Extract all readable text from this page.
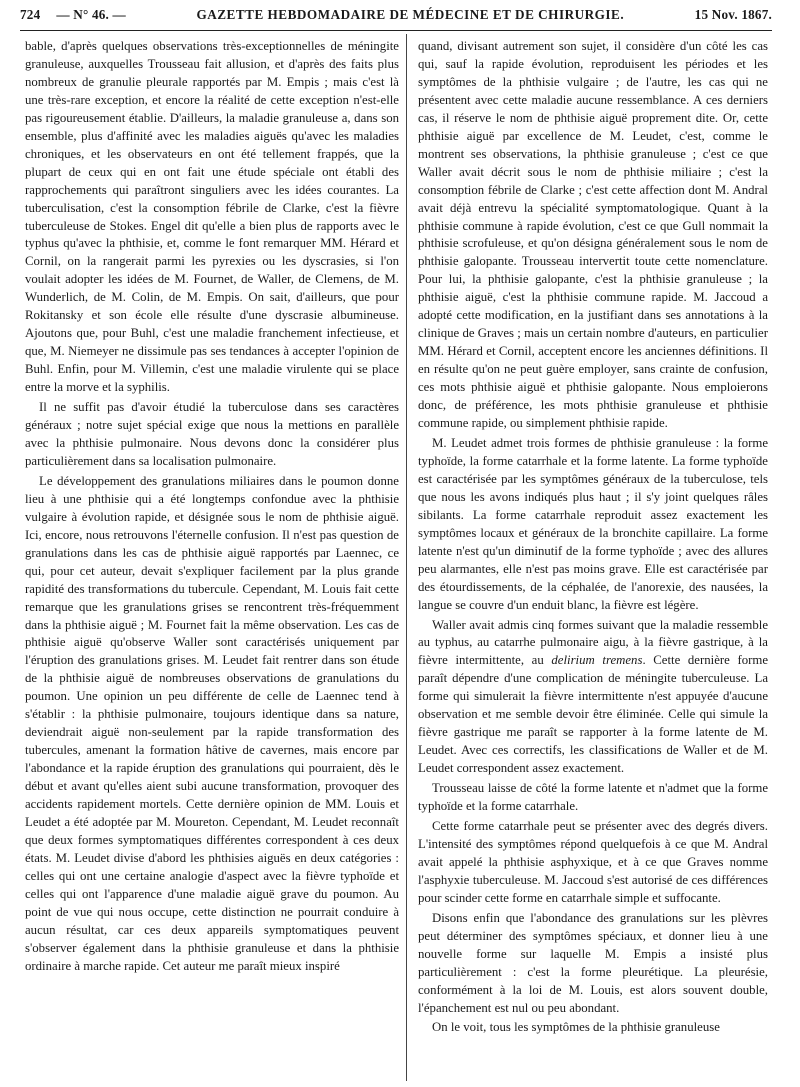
724 — N° 46. —	GAZETTE HEBDOMADAIRE DE MÉDECINE ET DE CHIRURGIE.	15 Nov. 1867.

bable, d'après quelques observations très-exceptionnelles de méningite granuleuse, auxquelles Trousseau fait allusion, et d'après des faits plus nombreux de granulie pleurale rapportés par M. Empis ; mais c'est là une très-rare exception, et encore la réalité de cette exception n'est-elle pas rigoureusement établie. D'ailleurs, la maladie granuleuse a, dans son ensemble, plus d'affinité avec les maladies aiguës qu'avec les maladies chroniques, et les observateurs en ont été tellement frappés, que la plupart de ceux qui en ont fait une étude spéciale ont établi des rapprochements qui paraîtront singuliers avec les idées courantes. La tuberculisation, c'est la consomption fébrile de Clarke, c'est la fièvre tuberculeuse de Stokes. Engel dit qu'elle a bien plus de rapports avec le typhus qu'avec la phthisie, et, comme le font remarquer MM. Hérard et Cornil, on la rangerait parmi les pyrexies ou les dyscrasies, si l'on voulait adopter les idées de M. Fournet, de Waller, de Clemens, de M. Wunderlich, de M. Colin, de M. Empis. On sait, d'ailleurs, que pour Rokitansky et son école elle résulte d'une dyscrasie albumineuse. Ajoutons que, pour Buhl, c'est une maladie franchement infectieuse, et que, M. Niemeyer ne dissimule pas ses tendances à accepter l'opinion de Buhl. Enfin, pour M. Villemin, c'est une maladie virulente qui se place entre la morve et la syphilis.

Il ne suffit pas d'avoir étudié la tuberculose dans ses caractères généraux ; notre sujet spécial exige que nous la mettions en parallèle avec la phthisie pulmonaire. Nous devons donc la considérer plus particulièrement dans sa localisation pulmonaire.

Le développement des granulations miliaires dans le poumon donne lieu à une phthisie qui a été longtemps confondue avec la phthisie vulgaire à évolution rapide, et désignée sous le nom de phthisie aiguë. Ici, encore, nous retrouvons l'éternelle confusion. Il n'est pas question de granulations dans les cas de phthisie aiguë rapportés par Laennec, ce qui, pour cet auteur, devait s'expliquer facilement par la plus grande rapidité des transformations du tubercule. Cependant, M. Louis fait cette remarque que les granulations grises se rencontrent très-fréquemment dans la phthisie aiguë ; M. Fournet fait la même observation. Les cas de phthisie aiguë qu'observe Waller sont caractérisés uniquement par l'éruption des granulations grises. M. Leudet fait rentrer dans son étude de la phthisie aiguë de nombreuses observations de granulations du poumon. Une opinion un peu différente de celle de Laennec tend à s'établir : la phthisie pulmonaire, toujours identique dans sa nature, deviendrait aiguë non-seulement par la rapide transformation des tubercules, amenant la formation hâtive de cavernes, mais encore par l'abondance et la rapide éruption des granulations qui pourraient, dès le début et avant qu'elles aient subi aucune transformation, provoquer des accidents rapidement mortels. Cette dernière opinion de MM. Louis et Leudet a été adoptée par M. Moureton. Cependant, M. Leudet reconnaît que deux formes symptomatiques différentes correspondent à ces deux états. M. Leudet divise d'abord les phthisies aiguës en deux catégories : celles qui ont une certaine analogie d'aspect avec la fièvre typhoïde et celles qui ont l'apparence d'une maladie aiguë grave du poumon. Au point de vue qui nous occupe, cette distinction ne pourrait conduire à aucun résultat, car ces deux appareils symptomatiques peuvent s'observer également dans la phthisie granuleuse et dans la phthisie ordinaire à marche rapide. Cet auteur me paraît mieux inspiré

quand, divisant autrement son sujet, il considère d'un côté les cas qui, sauf la rapide évolution, reproduisent les périodes et les symptômes de la phthisie vulgaire ; de l'autre, les cas qui ne présentent avec cette maladie aucune ressemblance. A ces derniers cas, il réserve le nom de phthisie aiguë proprement dite. Or, cette phthisie aiguë par excellence de M. Leudet, c'est, comme le montrent ses observations, la phthisie granuleuse ; c'est ce que Waller avait décrit sous le nom de phthisie miliaire ; c'est la consomption fébrile de Clarke ; c'est cette affection dont M. Andral avait déjà entrevu la spécialité symptomatologique. Quant à la phthisie commune à rapide évolution, c'est ce que Gull nommait la phthisie scrofuleuse, et qu'on désigna généralement sous le nom de phthisie galopante. Trousseau intervertit toute cette nomenclature. Pour lui, la phthisie galopante, c'est la phthisie granuleuse ; la phthisie aiguë, c'est la phthisie commune rapide. M. Jaccoud a adopté cette modification, en la justifiant dans ses annotations à la clinique de Graves ; mais un certain nombre d'auteurs, en particulier MM. Hérard et Cornil, acceptent encore les anciennes définitions. Il en résulte qu'on ne peut guère employer, sans crainte de confusion, ces mots phthisie aiguë et phthisie galopante. Nous emploierons donc, de préférence, les mots phthisie granuleuse et phthisie commune rapide, ou simplement phthisie rapide.

M. Leudet admet trois formes de phthisie granuleuse : la forme typhoïde, la forme catarrhale et la forme latente. La forme typhoïde est caractérisée par les symptômes généraux de la tuberculose, tels que nous les avons indiqués plus haut ; il s'y joint quelques râles sibilants. La forme catarrhale reproduit assez exactement les symptômes locaux et généraux de la bronchite capillaire. La forme latente n'est qu'un diminutif de la forme typhoïde ; avec des allures peu alarmantes, elle n'est pas moins grave. Elle est caractérisée par des étourdissements, de la céphalée, de l'anorexie, des nausées, la langue se couvre d'un enduit blanc, la fièvre est légère.

Waller avait admis cinq formes suivant que la maladie ressemble au typhus, au catarrhe pulmonaire aigu, à la fièvre gastrique, à la fièvre intermittente, au delirium tremens. Cette dernière forme paraît dépendre d'une complication de méningite tuberculeuse. La forme qui simulerait la fièvre intermittente n'est appuyée d'aucune observation et me semble devoir être éliminée. Celle qui simule la fièvre gastrique me paraît se rapporter à la forme latente de M. Leudet. Avec ces correctifs, les classifications de Waller et de M. Leudet correspondent assez exactement.

Trousseau laisse de côté la forme latente et n'admet que la forme typhoïde et la forme catarrhale.

Cette forme catarrhale peut se présenter avec des degrés divers. L'intensité des symptômes répond quelquefois à ce que M. Andral avait appelé la phthisie asphyxique, et à ce que Graves nomme l'asphyxie tuberculeuse. M. Jaccoud s'est autorisé de ces différences pour scinder cette forme en catarrhale simple et suffocante.

Disons enfin que l'abondance des granulations sur les plèvres peut déterminer des symptômes spéciaux, et donner lieu à une nouvelle forme sur laquelle M. Empis a insisté plus particulièrement : c'est la forme pleurétique. La pleurésie, conformément à la loi de M. Louis, est alors souvent double, l'épanchement est nul ou peu abondant.

On le voit, tous les symptômes de la phthisie granuleuse
